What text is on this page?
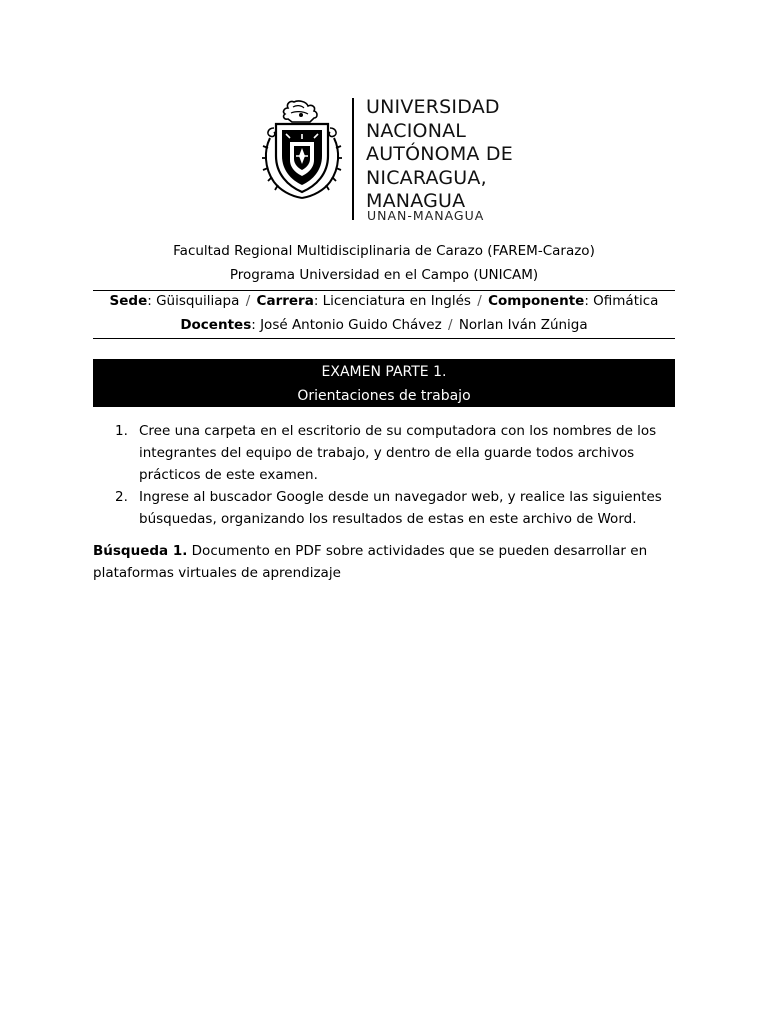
UNIVERSIDAD
NACIONAL
AUTÓNOMA DE
NICARAGUA,
MANAGUA
UNAN-MANAGUA
Facultad Regional Multidisciplinaria de Carazo (FAREM-Carazo)
Programa Universidad en el Campo (UNICAM)
Sede: Güisquiliapa / Carrera: Licenciatura en Inglés / Componente: Ofimática
Docentes: José Antonio Guido Chávez / Norlan Iván Zúniga
EXAMEN PARTE 1.
Orientaciones de trabajo
1. Cree una carpeta en el escritorio de su computadora con los nombres de los integrantes del equipo de trabajo, y dentro de ella guarde todos archivos prácticos de este examen.
2. Ingrese al buscador Google desde un navegador web, y realice las siguientes búsquedas, organizando los resultados de estas en este archivo de Word.
Búsqueda 1. Documento en PDF sobre actividades que se pueden desarrollar en plataformas virtuales de aprendizaje
